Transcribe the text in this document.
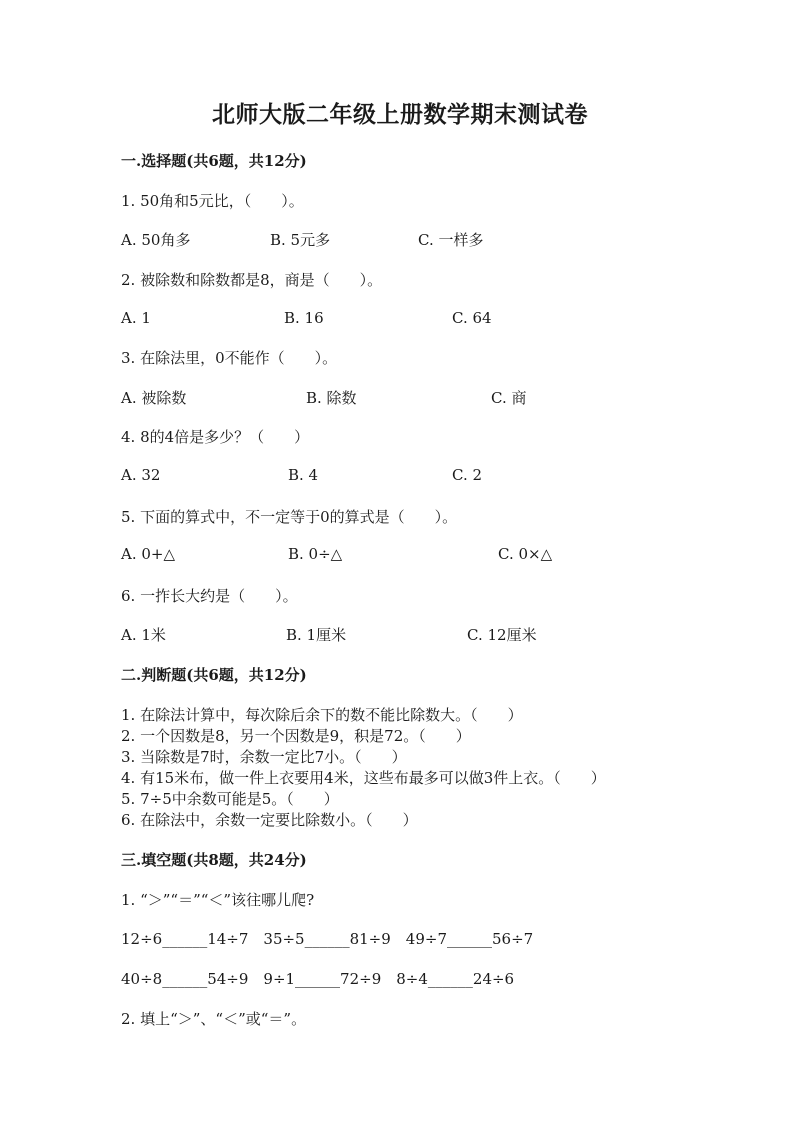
北师大版二年级上册数学期末测试卷
一.选择题(共6题，共12分)
1. 50角和5元比，（　　）。
A. 50角多	B. 5元多	C. 一样多
2. 被除数和除数都是8，商是（　　）。
A. 1	B. 16	C. 64
3. 在除法里，0不能作（　　）。
A. 被除数	B. 除数	C. 商
4. 8的4倍是多少？（　　）
A. 32	B. 4	C. 2
5. 下面的算式中，不一定等于0的算式是（　　）。
A. 0+△	B. 0÷△	C. 0×△
6. 一拃长大约是（　　）。
A. 1米	B. 1厘米	C. 12厘米
二.判断题(共6题，共12分)
1. 在除法计算中，每次除后余下的数不能比除数大。（　　）
2. 一个因数是8，另一个因数是9，积是72。（　　）
3. 当除数是7时，余数一定比7小。（　　）
4. 有15米布，做一件上衣要用4米，这些布最多可以做3件上衣。（　　）
5. 7÷5中余数可能是5。（　　）
6. 在除法中，余数一定要比除数小。（　　）
三.填空题(共8题，共24分)
1. “＞”“＝”“＜”该往哪儿爬?
12÷6______14÷7　35÷5______81÷9　49÷7______56÷7
40÷8______54÷9　9÷1______72÷9　8÷4______24÷6
2. 填上“＞”、“＜”或“＝”。
